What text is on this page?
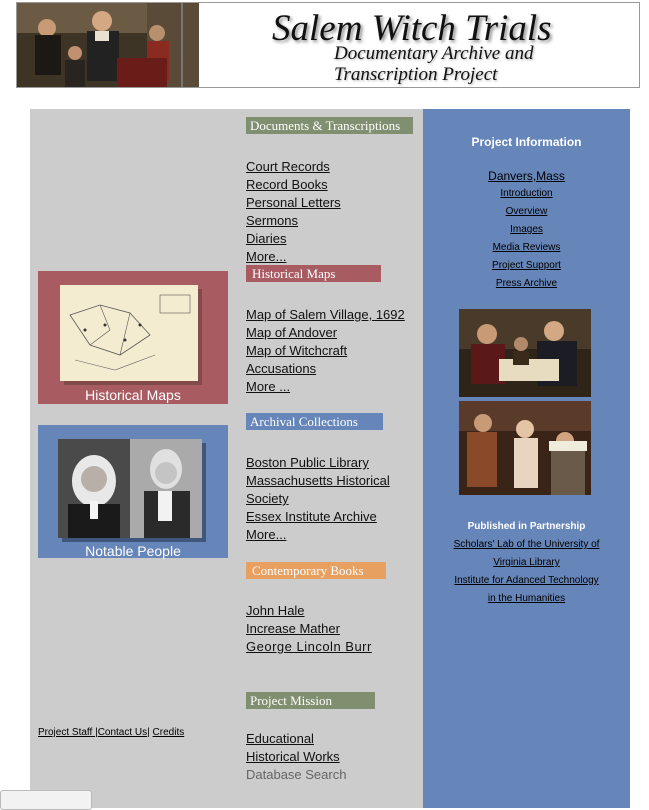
Salem Witch Trials
Documentary Archive and
Transcription Project
Historical Maps
Notable People
Project Staff |Contact Us| Credits
Documents & Transcriptions
Court Records
Record Books
Personal Letters
Sermons
Diaries
More...
Historical Maps
Map of Salem Village, 1692
Map of Andover
Map of Witchcraft
Accusations
More ...
Archival Collections
Boston Public Library
Massachusetts Historical
Society
Essex Institute Archive
More...
Contemporary Books
John Hale
Increase Mather
George Lincoln Burr
Project Mission
Educational
Historical Works
Database Search
Project Information
Danvers,Mass
Introduction
Overview
Images
Media Reviews
Project Support
Press Archive
Published in Partnership
Scholars' Lab of the University of
Virginia Library
Institute for Adanced Technology
in the Humanities
